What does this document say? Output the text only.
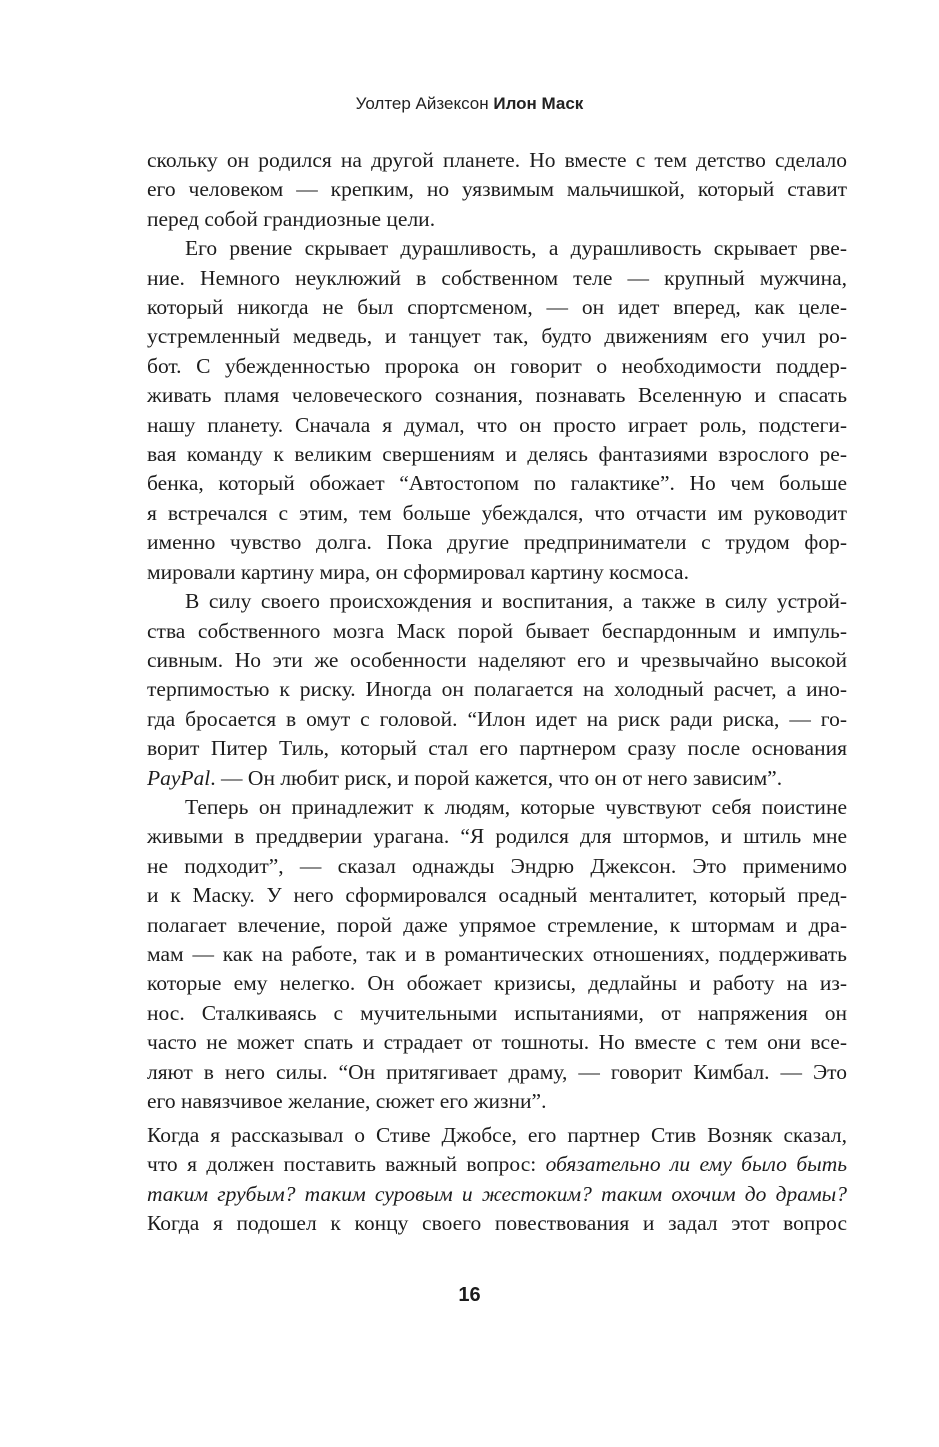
Уолтер Айзексон Илон Маск
скольку он родился на другой планете. Но вместе с тем детство сделало
его человеком — крепким, но уязвимым мальчишкой, который ставит
перед собой грандиозные цели.
Его рвение скрывает дурашливость, а дурашливость скрывает рве-
ние. Немного неуклюжий в собственном теле — крупный мужчина,
который никогда не был спортсменом, — он идет вперед, как целе-
устремленный медведь, и танцует так, будто движениям его учил ро-
бот. С убежденностью пророка он говорит о необходимости поддер-
живать пламя человеческого сознания, познавать Вселенную и спасать
нашу планету. Сначала я думал, что он просто играет роль, подстеги-
вая команду к великим свершениям и делясь фантазиями взрослого ре-
бенка, который обожает “Автостопом по галактике”. Но чем больше
я встречался с этим, тем больше убеждался, что отчасти им руководит
именно чувство долга. Пока другие предприниматели с трудом фор-
мировали картину мира, он сформировал картину космоса.
В силу своего происхождения и воспитания, а также в силу устрой-
ства собственного мозга Маск порой бывает беспардонным и импуль-
сивным. Но эти же особенности наделяют его и чрезвычайно высокой
терпимостью к риску. Иногда он полагается на холодный расчет, а ино-
гда бросается в омут с головой. “Илон идет на риск ради риска, — го-
ворит Питер Тиль, который стал его партнером сразу после основания
PayPal. — Он любит риск, и порой кажется, что он от него зависим”.
Теперь он принадлежит к людям, которые чувствуют себя поистине
живыми в преддверии урагана. “Я родился для штормов, и штиль мне
не подходит”, — сказал однажды Эндрю Джексон. Это применимо
и к Маску. У него сформировался осадный менталитет, который пред-
полагает влечение, порой даже упрямое стремление, к штормам и дра-
мам — как на работе, так и в романтических отношениях, поддерживать
которые ему нелегко. Он обожает кризисы, дедлайны и работу на из-
нос. Сталкиваясь с мучительными испытаниями, от напряжения он
часто не может спать и страдает от тошноты. Но вместе с тем они все-
ляют в него силы. “Он притягивает драму, — говорит Кимбал. — Это
его навязчивое желание, сюжет его жизни”.
Когда я рассказывал о Стиве Джобсе, его партнер Стив Возняк сказал,
что я должен поставить важный вопрос: обязательно ли ему было быть
таким грубым? таким суровым и жестоким? таким охочим до драмы?
Когда я подошел к концу своего повествования и задал этот вопрос
16
